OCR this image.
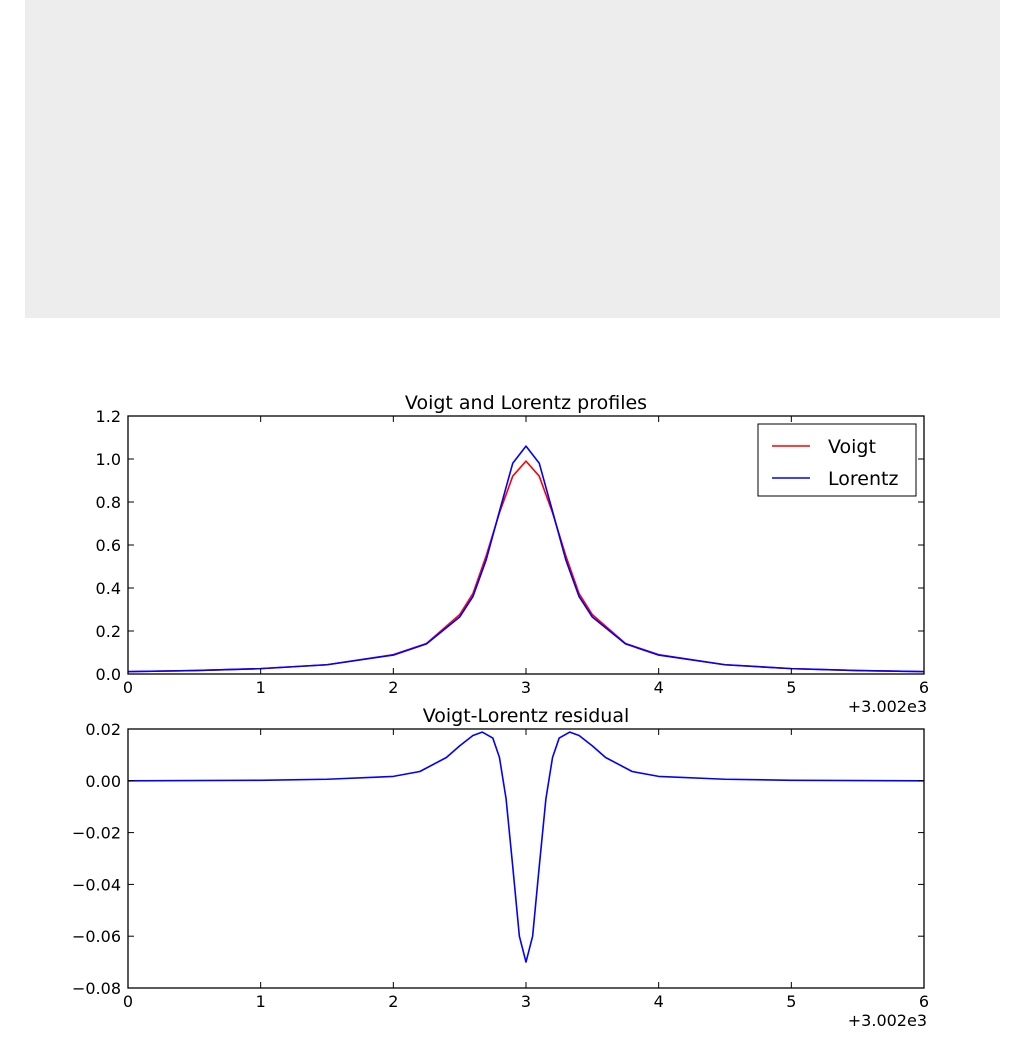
0	1	2	3	4	5	6
0.0
0.2
0.4
0.6
0.8
1.0
1.2
Voigt and Lorentz profiles
+3.002e3
Voigt
Lorentz
0	1	2	3	4	5	6
−0.08
−0.06
−0.04
−0.02
0.00
0.02
Voigt-Lorentz residual
+3.002e3
